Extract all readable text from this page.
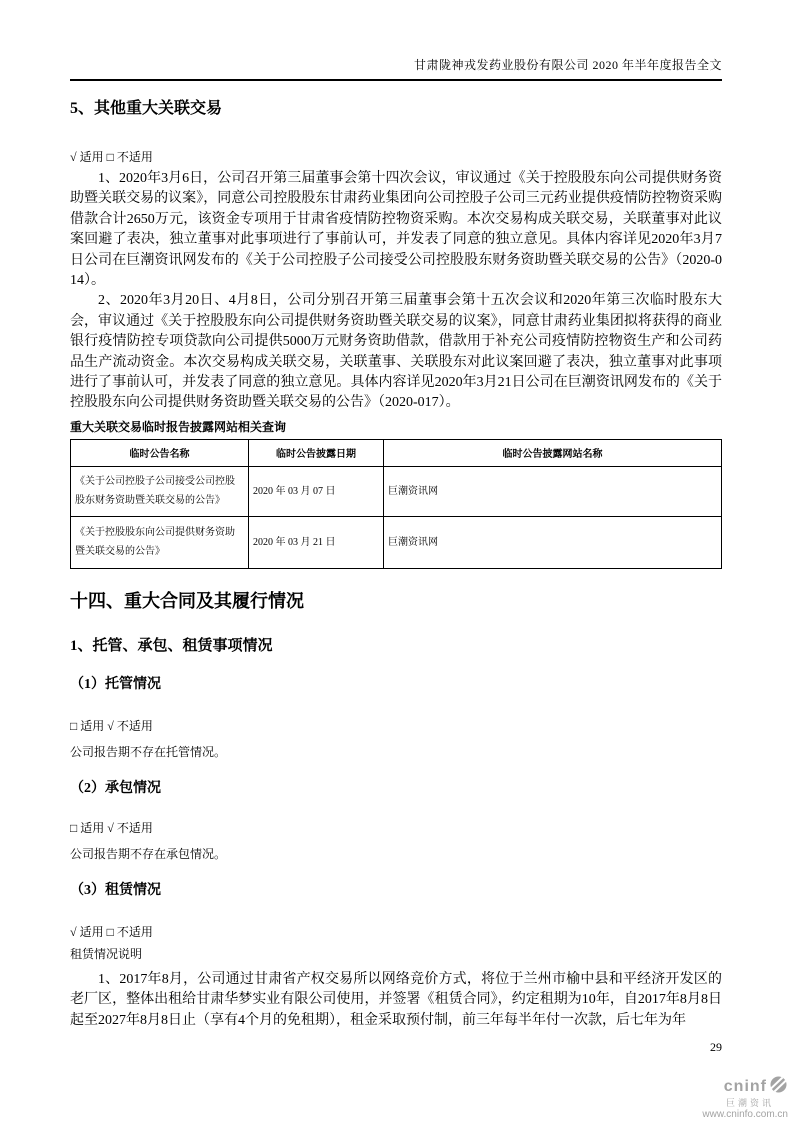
甘肃陇神戎发药业股份有限公司 2020 年半年度报告全文
5、其他重大关联交易
√ 适用 □ 不适用
1、2020年3月6日，公司召开第三届董事会第十四次会议，审议通过《关于控股股东向公司提供财务资助暨关联交易的议案》，同意公司控股股东甘肃药业集团向公司控股子公司三元药业提供疫情防控物资采购借款合计2650万元，该资金专项用于甘肃省疫情防控物资采购。本次交易构成关联交易，关联董事对此议案回避了表决，独立董事对此事项进行了事前认可，并发表了同意的独立意见。具体内容详见2020年3月7日公司在巨潮资讯网发布的《关于公司控股子公司接受公司控股股东财务资助暨关联交易的公告》（2020-014）。
2、2020年3月20日、4月8日，公司分别召开第三届董事会第十五次会议和2020年第三次临时股东大会，审议通过《关于控股股东向公司提供财务资助暨关联交易的议案》，同意甘肃药业集团拟将获得的商业银行疫情防控专项贷款向公司提供5000万元财务资助借款，借款用于补充公司疫情防控物资生产和公司药品生产流动资金。本次交易构成关联交易，关联董事、关联股东对此议案回避了表决，独立董事对此事项进行了事前认可，并发表了同意的独立意见。具体内容详见2020年3月21日公司在巨潮资讯网发布的《关于控股股东向公司提供财务资助暨关联交易的公告》（2020-017）。
重大关联交易临时报告披露网站相关查询
临时公告名称	临时公告披露日期	临时公告披露网站名称
《关于公司控股子公司接受公司控股股东财务资助暨关联交易的公告》	2020 年 03 月 07 日	巨潮资讯网
《关于控股股东向公司提供财务资助暨关联交易的公告》	2020 年 03 月 21 日	巨潮资讯网
十四、重大合同及其履行情况
1、托管、承包、租赁事项情况
（1）托管情况
□ 适用 √ 不适用
公司报告期不存在托管情况。
（2）承包情况
□ 适用 √ 不适用
公司报告期不存在承包情况。
（3）租赁情况
√ 适用 □ 不适用
租赁情况说明
1、2017年8月，公司通过甘肃省产权交易所以网络竞价方式，将位于兰州市榆中县和平经济开发区的老厂区，整体出租给甘肃华梦实业有限公司使用，并签署《租赁合同》，约定租期为10年，自2017年8月8日起至2027年8月8日止（享有4个月的免租期），租金采取预付制，前三年每半年付一次款，后七年为年
29
cninf
巨潮资讯
www.cninfo.com.cn
